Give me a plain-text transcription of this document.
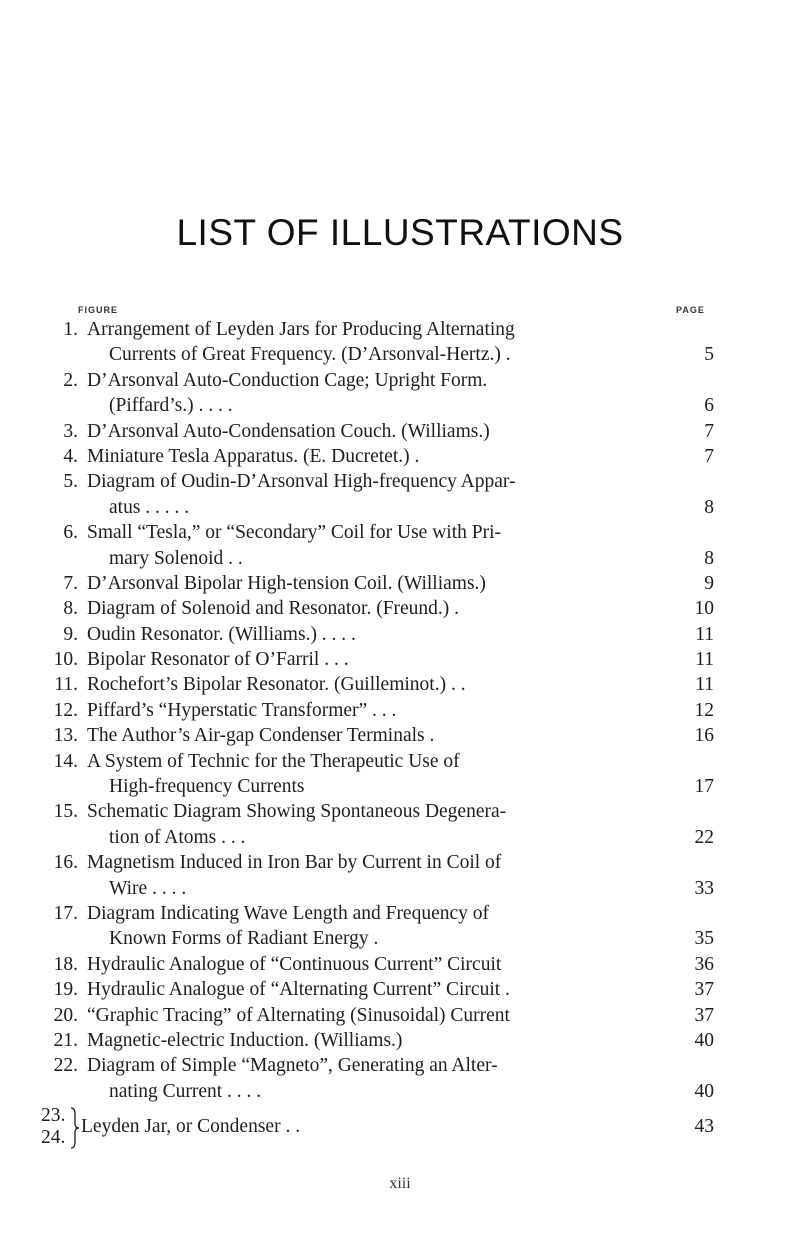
LIST OF ILLUSTRATIONS
FIGURE	PAGE
1. Arrangement of Leyden Jars for Producing Alternating
Currents of Great Frequency. (D’Arsonval-Hertz.) .	5
2. D’Arsonval Auto-Conduction Cage; Upright Form.
(Piffard’s.) . . . .	6
3. D’Arsonval Auto-Condensation Couch. (Williams.)	7
4. Miniature Tesla Apparatus. (E. Ducretet.) .	7
5. Diagram of Oudin-D’Arsonval High-frequency Appar-
atus . . . . .	8
6. Small “Tesla,” or “Secondary” Coil for Use with Pri-
mary Solenoid . .	8
7. D’Arsonval Bipolar High-tension Coil. (Williams.)	9
8. Diagram of Solenoid and Resonator. (Freund.) .	10
9. Oudin Resonator. (Williams.) . . . .	11
10. Bipolar Resonator of O’Farril . . .	11
11. Rochefort’s Bipolar Resonator. (Guilleminot.) . .	11
12. Piffard’s “Hyperstatic Transformer” . . .	12
13. The Author’s Air-gap Condenser Terminals .	16
14. A System of Technic for the Therapeutic Use of
High-frequency Currents	17
15. Schematic Diagram Showing Spontaneous Degenera-
tion of Atoms . . .	22
16. Magnetism Induced in Iron Bar by Current in Coil of
Wire . . . .	33
17. Diagram Indicating Wave Length and Frequency of
Known Forms of Radiant Energy .	35
18. Hydraulic Analogue of “Continuous Current” Circuit	36
19. Hydraulic Analogue of “Alternating Current” Circuit .	37
20. “Graphic Tracing” of Alternating (Sinusoidal) Current	37
21. Magnetic-electric Induction. (Williams.)	40
22. Diagram of Simple “Magneto”, Generating an Alter-
nating Current . . . .	40
23.
24.
Leyden Jar, or Condenser . .	43
xiii
